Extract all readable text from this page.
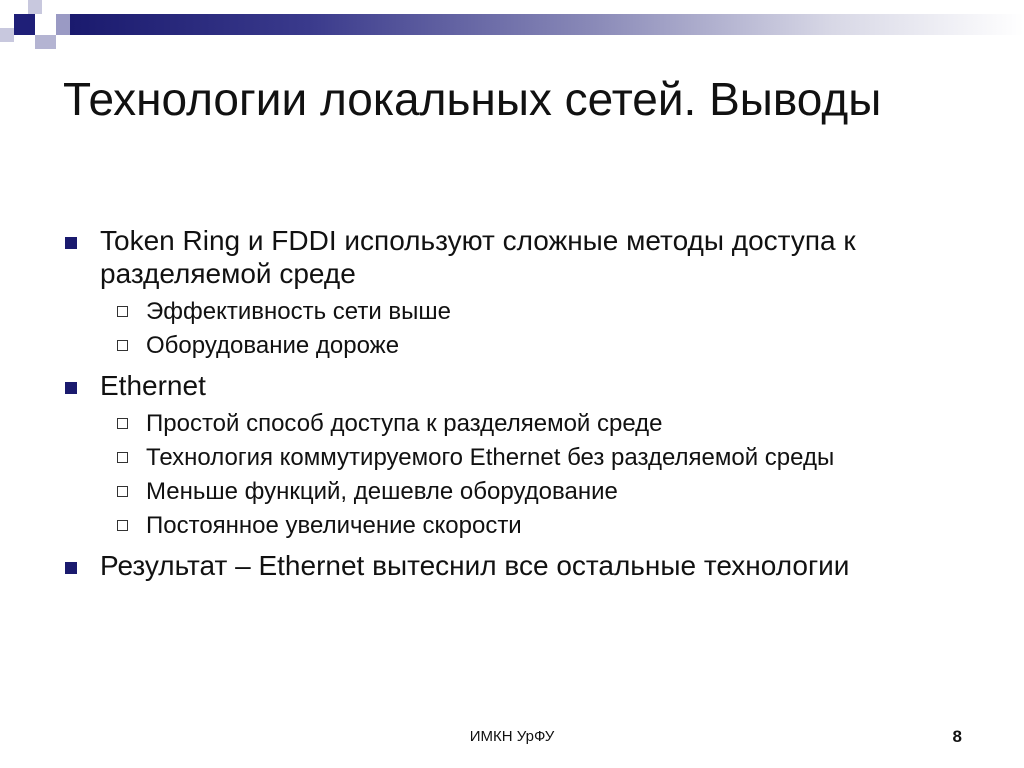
Технологии локальных сетей. Выводы
Token Ring и FDDI используют сложные методы доступа к разделяемой среде
Эффективность сети выше
Оборудование дороже
Ethernet
Простой способ доступа к разделяемой среде
Технология коммутируемого Ethernet без разделяемой среды
Меньше функций, дешевле оборудование
Постоянное увеличение скорости
Результат – Ethernet вытеснил все остальные технологии
ИМКН УрФУ	8
